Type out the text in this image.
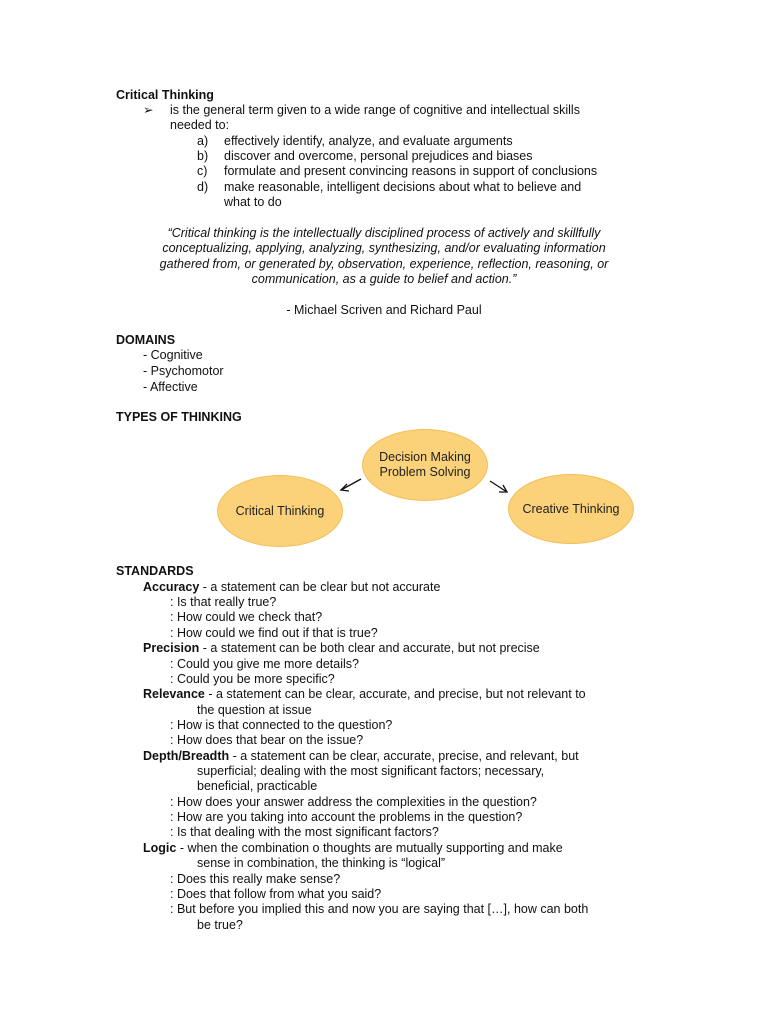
Critical Thinking
➢ is the general term given to a wide range of cognitive and intellectual skills
needed to:
a) effectively identify, analyze, and evaluate arguments
b) discover and overcome, personal prejudices and biases
c) formulate and present convincing reasons in support of conclusions
d) make reasonable, intelligent decisions about what to believe and
what to do
“Critical thinking is the intellectually disciplined process of actively and skillfully
conceptualizing, applying, analyzing, synthesizing, and/or evaluating information
gathered from, or generated by, observation, experience, reflection, reasoning, or
communication, as a guide to belief and action.”
- Michael Scriven and Richard Paul
DOMAINS
- Cognitive
- Psychomotor
- Affective
TYPES OF THINKING
Decision Making
Problem Solving
Critical Thinking	Creative Thinking
STANDARDS
Accuracy - a statement can be clear but not accurate
: Is that really true?
: How could we check that?
: How could we find out if that is true?
Precision - a statement can be both clear and accurate, but not precise
: Could you give me more details?
: Could you be more specific?
Relevance - a statement can be clear, accurate, and precise, but not relevant to
the question at issue
: How is that connected to the question?
: How does that bear on the issue?
Depth/Breadth - a statement can be clear, accurate, precise, and relevant, but
superficial; dealing with the most significant factors; necessary,
beneficial, practicable
: How does your answer address the complexities in the question?
: How are you taking into account the problems in the question?
: Is that dealing with the most significant factors?
Logic - when the combination o thoughts are mutually supporting and make
sense in combination, the thinking is “logical”
: Does this really make sense?
: Does that follow from what you said?
: But before you implied this and now you are saying that […], how can both
be true?
